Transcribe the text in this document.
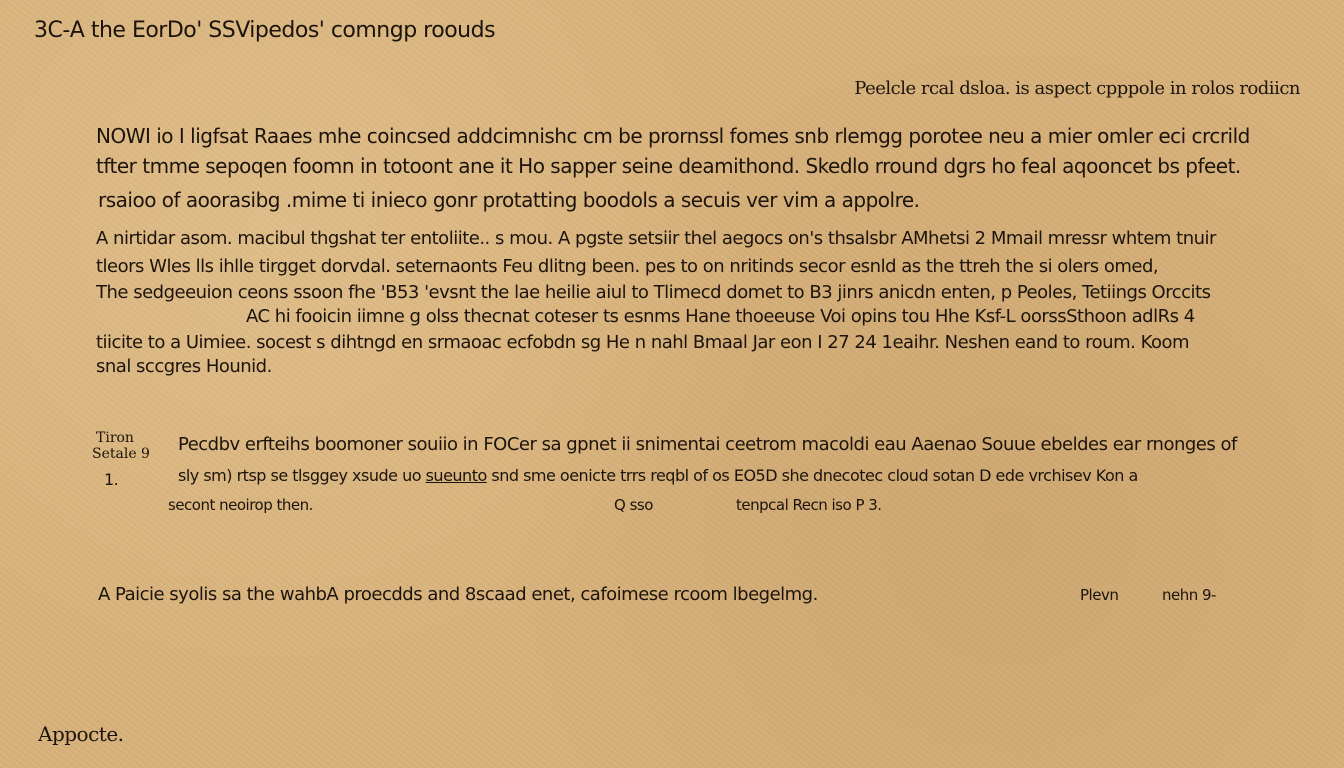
3C‑A the EorDo' SSVipedos' comngp roouds
Peelcle rcal dsloa. is aspect cpppole in rolos rodiicn
NOWI io I ligfsat Raaes mhe coincsed addcimnishc cm be prornssl fomes snb rlemgg porotee neu a mier omler eci crcrild
tfter tmme sepoqen foomn in totoont ane it Ho sapper seine deamithond. Skedlo rround dgrs ho feal aqooncet bs pfeet.
rsaioo of aoorasibg .mime ti inieco gonr protatting boodols a secuis ver vim a appolre.
A nirtidar asom. macibul thgshat ter entoliite.. s mou. A pgste setsiir thel aegocs on's thsalsbr AMhetsi 2 Mmail mressr whtem tnuir
tleors Wles lls ihlle tirgget dorvdal. seternaonts Feu dlitng been. pes to on nritinds secor esnld as the ttreh the si olers omed,
The sedgeeuion ceons ssoon fhe 'B53 'evsnt the lae heilie aiul to Tlimecd domet to B3 jinrs anicdn enten, p Peoles, Tetiings Orccits
AC hi fooicin iimne g olss thecnat coteser ts esnms Hane thoeeuse Voi opins tou Hhe Ksf-L oorssSthoon adlRs 4
tiicite to a Uimiee. socest s dihtngd en srmaoac ecfobdn sg He n nahl Bmaal Jar eon I 27 24 1eaihr. Neshen eand to roum. Koom
snal sccgres Hounid.
Tiron
Setale 9
1.
Pecdbv erfteihs boomoner souiio in FOCer sa gpnet ii snimentai ceetrom macoldi eau Aaenao Souue ebeldes ear rnonges of
sly sm) rtsp se tlsggey xsude uo sueunto snd sme oenicte trrs reqbl of os EO5D she dnecotec cloud sotan D ede vrchisev Kon a
secont neoirop then.	Q sso	tenpcal Recn iso P 3.
A Paicie syolis sa the wahbA proecdds and 8scaad enet, cafoimese rcoom lbegelmg.	Plevn	nehn 9-
Appocte.
